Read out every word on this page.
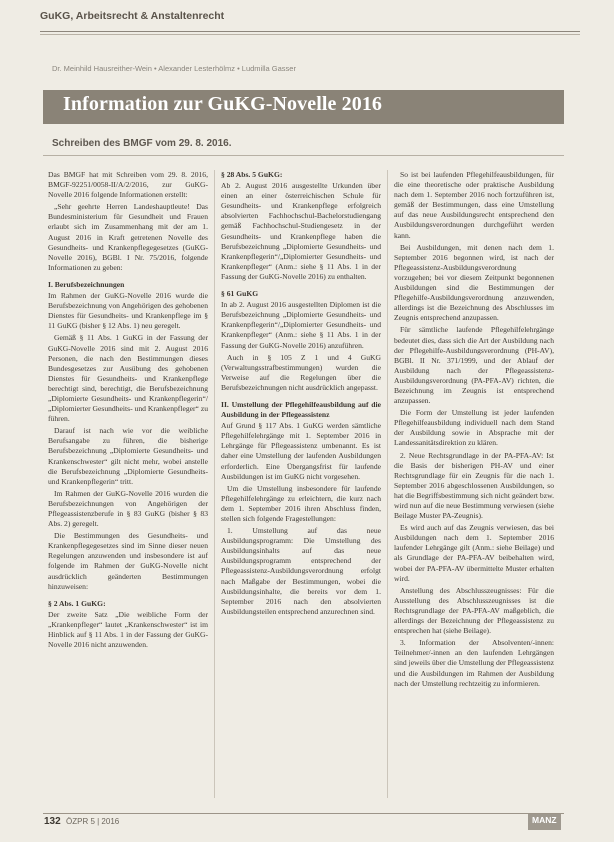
GuKG, Arbeitsrecht & Anstaltenrecht
Dr. Meinhild Hausreither-Wein • Alexander Lesterhölmz • Ludmilla Gasser
Information zur GuKG-Novelle 2016
Schreiben des BMGF vom 29. 8. 2016.

Das BMGF hat mit Schreiben vom 29. 8. 2016, BMGF-92251/0058-II/A/2/2016, zur GuKG-Novelle 2016 folgende Informationen erstellt:

„Sehr geehrte Herren Landeshauptleute! Das Bundesministerium für Gesundheit und Frauen erlaubt sich im Zusammenhang mit der am 1. August 2016 in Kraft getretenen Novelle des Gesundheits- und Krankenpflegegesetzes (GuKG-Novelle 2016), BGBl. I Nr. 75/2016, folgende Informationen zu geben:

I. Berufsbezeichnungen

Im Rahmen der GuKG-Novelle 2016 wurde die Berufsbezeichnung von Angehörigen des gehobenen Dienstes für Gesundheits- und Krankenpflege im § 11 GuKG (bisher § 12 Abs. 1) neu geregelt.

Gemäß § 11 Abs. 1 GuKG in der Fassung der GuKG-Novelle 2016 sind mit 2. August 2016 Personen, die nach den Bestimmungen dieses Bundesgesetzes zur Ausübung des gehobenen Dienstes für Gesundheits- und Krankenpflege berechtigt sind, berechtigt, die Berufsbezeichnung „Diplomierte Gesundheits- und Krankenpflegerin“/„Diplomierter Gesundheits- und Krankenpfleger“ zu führen.

Darauf ist nach wie vor die weibliche Berufsangabe zu führen, die bisherige Berufsbezeichnung „Diplomierte Gesundheits- und Krankenschwester“ gilt nicht mehr, wobei anstelle die Berufsbezeichnung „Diplomierte Gesundheits- und Krankenpflegerin“ tritt.

Im Rahmen der GuKG-Novelle 2016 wurden die Berufsbezeichnungen von Angehörigen der Pflegeassistenzberufe in § 83 GuKG (bisher § 83 Abs. 2) geregelt.

Die Bestimmungen des Gesundheits- und Krankenpflegegesetzes sind im Sinne dieser neuen Regelungen anzuwenden und insbesondere ist auf folgende im Rahmen der GuKG-Novelle nicht ausdrücklich geänderten Bestimmungen hinzuweisen:

§ 2 Abs. 1 GuKG:

Der zweite Satz „Die weibliche Form der „Krankenpfleger“ lautet „Krankenschwester“ ist im Hinblick auf § 11 Abs. 1 in der Fassung der GuKG-Novelle 2016 nicht anzuwenden.

§ 28 Abs. 5 GuKG:

Ab 2. August 2016 ausgestellte Urkunden über einen an einer österreichischen Schule für Gesundheits- und Krankenpflege erfolgreich absolvierten Fachhochschul-Bachelorstudiengang gemäß Fachhochschul-Studiengesetz in der Gesundheits- und Krankenpflege haben die Berufsbezeichnung „Diplomierte Gesundheits- und Krankenpflegerin“/„Diplomierter Gesundheits- und Krankenpfleger“ (Anm.: siehe § 11 Abs. 1 in der Fassung der GuKG-Novelle 2016) zu enthalten.

§ 61 GuKG

In ab 2. August 2016 ausgestellten Diplomen ist die Berufsbezeichnung „Diplomierte Gesundheits- und Krankenpflegerin“/„Diplomierter Gesundheits- und Krankenpfleger“ (Anm.: siehe § 11 Abs. 1 in der Fassung der GuKG-Novelle 2016) anzuführen.

Auch in § 105 Z 1 und 4 GuKG (Verwaltungsstrafbestimmungen) wurden die Verweise auf die Regelungen über die Berufsbezeichnungen nicht ausdrücklich angepasst.

II. Umstellung der Pflegehilfeausbildung auf die Ausbildung in der Pflegeassistenz

Auf Grund § 117 Abs. 1 GuKG werden sämtliche Pflegehilfelehrgänge mit 1. September 2016 in Lehrgänge für Pflegeassistenz umbenannt. Es ist daher eine Umstellung der laufenden Ausbildungen erforderlich. Eine Übergangsfrist für laufende Ausbildungen ist im GuKG nicht vorgesehen.

Um die Umstellung insbesondere für laufende Pflegehilfelehrgänge zu erleichtern, die kurz nach dem 1. September 2016 ihren Abschluss finden, stellen sich folgende Fragestellungen:

1. Umstellung auf das neue Ausbildungsprogramm: Die Umstellung des Ausbildungsinhalts auf das neue Ausbildungsprogramm entsprechend der Pflegeassistenz-Ausbildungsverordnung erfolgt nach Maßgabe der Bestimmungen, wobei die Ausbildungsinhalte, die bereits vor dem 1. September 2016 nach den absolvierten Ausbildungsteilen entsprechend anzurechnen sind.

So ist bei laufenden Pflegehilfeausbildungen, für die eine theoretische oder praktische Ausbildung nach dem 1. September 2016 noch fortzuführen ist, gemäß der Bestimmungen, dass eine Umstellung auf das neue Ausbildungsrecht entsprechend den Ausbildungsverordnungen durchgeführt werden kann.

Bei Ausbildungen, mit denen nach dem 1. September 2016 begonnen wird, ist nach der Pflegeassistenz-Ausbildungsverordnung vorzugehen; bei vor diesem Zeitpunkt begonnenen Ausbildungen sind die Bestimmungen der Pflegehilfe-Ausbildungsverordnung anzuwenden, allerdings ist die Bezeichnung des Abschlusses im Zeugnis entsprechend anzupassen.

Für sämtliche laufende Pflegehilfelehrgänge bedeutet dies, dass sich die Art der Ausbildung nach der Pflegehilfe-Ausbildungsverordnung (PH-AV), BGBl. II Nr. 371/1999, und der Ablauf der Ausbildung nach der Pflegeassistenz-Ausbildungsverordnung (PA-PFA-AV) richten, die Bezeichnung im Zeugnis ist entsprechend anzupassen.

Die Form der Umstellung ist jeder laufenden Pflegehilfeausbildung individuell nach dem Stand der Ausbildung sowie in Absprache mit der Landessanitätsdirektion zu klären.

2. Neue Rechtsgrundlage in der PA-PFA-AV: Ist die Basis der bisherigen PH-AV und einer Rechtsgrundlage für ein Zeugnis für die nach 1. September 2016 abgeschlossenen Ausbildungen, so hat die Begriffsbestimmung sich nicht geändert bzw. wird nun auf die neue Bestimmung verwiesen (siehe Beilage Muster PA-Zeugnis).

Es wird auch auf das Zeugnis verwiesen, das bei Ausbildungen nach dem 1. September 2016 laufender Lehrgänge gilt (Anm.: siehe Beilage) und als Grundlage der PA-PFA-AV beibehalten wird, wobei der PA-PFA-AV übermittelte Muster erhalten wird.

Anstellung des Abschlusszeugnisses: Für die Ausstellung des Abschlusszeugnisses ist die Rechtsgrundlage der PA-PFA-AV maßgeblich, die allerdings der Bezeichnung der Pflegeassistenz zu entsprechen hat (siehe Beilage).

3. Information der Absolventen/-innen: Teilnehmer/-innen an den laufenden Lehrgängen sind jeweils über die Umstellung der Pflegeassistenz und die Ausbildungen im Rahmen der Ausbildung nach der Umstellung rechtzeitig zu informieren.

132 ÖZPR 5 | 2016	MANZ
